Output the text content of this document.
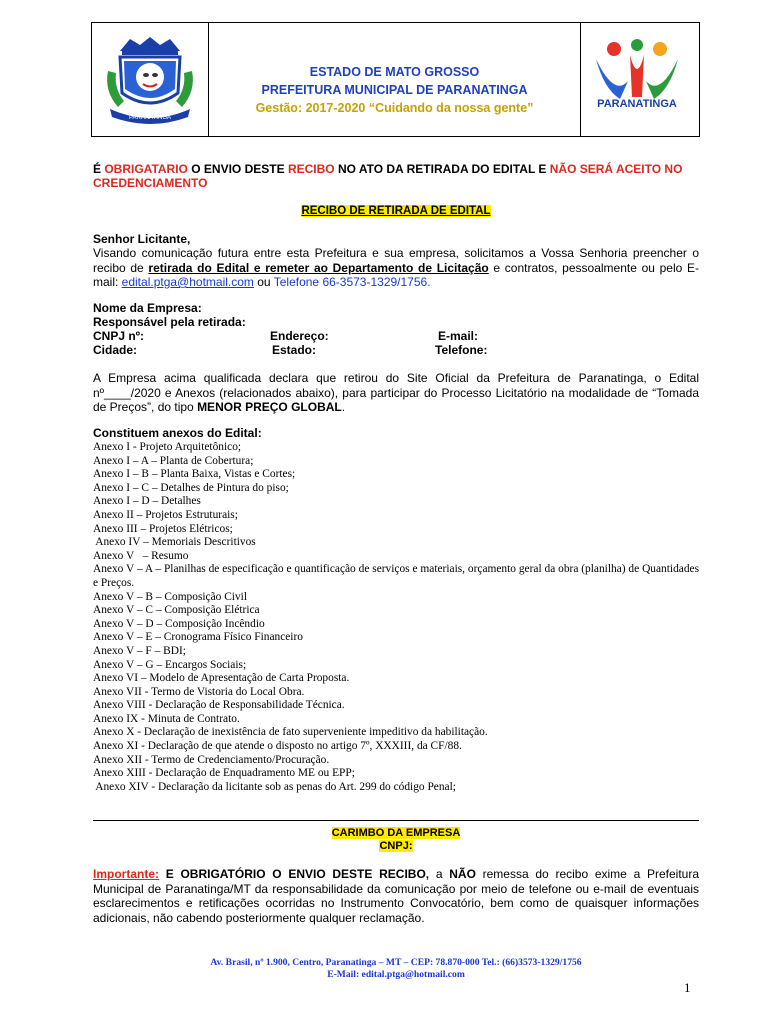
PARANATINGA
ESTADO DE MATO GROSSO
PREFEITURA MUNICIPAL DE PARANATINGA
Gestão: 2017-2020 “Cuidando da nossa gente”	PARANATINGA
É OBRIGATARIO O ENVIO DESTE RECIBO NO ATO DA RETIRADA DO EDITAL E NÃO SERÁ ACEITO NO CREDENCIAMENTO
RECIBO DE RETIRADA DE EDITAL
Senhor Licitante,
Visando comunicação futura entre esta Prefeitura e sua empresa, solicitamos a Vossa Senhoria preencher o recibo de retirada do Edital e remeter ao Departamento de Licitação e contratos, pessoalmente ou pelo E-mail: edital.ptga@hotmail.com ou Telefone 66-3573-1329/1756.
Nome da Empresa:
Responsável pela retirada:
CNPJ nº:	Endereço:	E-mail:
Cidade:	Estado:	Telefone:
A Empresa acima qualificada declara que retirou do Site Oficial da Prefeitura de Paranatinga, o Edital nº____/2020 e Anexos (relacionados abaixo), para participar do Processo Licitatório na modalidade de “Tomada de Preços”, do tipo MENOR PREÇO GLOBAL.
Constituem anexos do Edital:
Anexo I - Projeto Arquitetônico;
Anexo I – A – Planta de Cobertura;
Anexo I – B – Planta Baixa, Vistas e Cortes;
Anexo I – C – Detalhes de Pintura do piso;
Anexo I – D – Detalhes
Anexo II – Projetos Estruturais;
Anexo III – Projetos Elétricos;
Anexo IV – Memoriais Descritivos
Anexo V   – Resumo
Anexo V – A – Planilhas de especificação e quantificação de serviços e materiais, orçamento geral da obra (planilha) de Quantidades e Preços.
Anexo V – B – Composição Civil
Anexo V – C – Composição Elétrica
Anexo V – D – Composição Incêndio
Anexo V – E – Cronograma Físico Financeiro
Anexo V – F – BDI;
Anexo V – G – Encargos Sociais;
Anexo VI – Modelo de Apresentação de Carta Proposta.
Anexo VII - Termo de Vistoria do Local Obra.
Anexo VIII - Declaração de Responsabilidade Técnica.
Anexo IX - Minuta de Contrato.
Anexo X - Declaração de inexistência de fato superveniente impeditivo da habilitação.
Anexo XI - Declaração de que atende o disposto no artigo 7º, XXXIII, da CF/88.
Anexo XII - Termo de Credenciamento/Procuração.
Anexo XIII - Declaração de Enquadramento ME ou EPP;
Anexo XIV - Declaração da licitante sob as penas do Art. 299 do código Penal;
CARIMBO DA EMPRESA
CNPJ:
Importante: E OBRIGATÓRIO O ENVIO DESTE RECIBO, a NÃO remessa do recibo exime a Prefeitura Municipal de Paranatinga/MT da responsabilidade da comunicação por meio de telefone ou e-mail de eventuais esclarecimentos e retificações ocorridas no Instrumento Convocatório, bem como de quaisquer informações adicionais, não cabendo posteriormente qualquer reclamação.
Av. Brasil, nº 1.900, Centro, Paranatinga – MT – CEP: 78.870-000 Tel.: (66)3573-1329/1756
E-Mail: edital.ptga@hotmail.com
1
